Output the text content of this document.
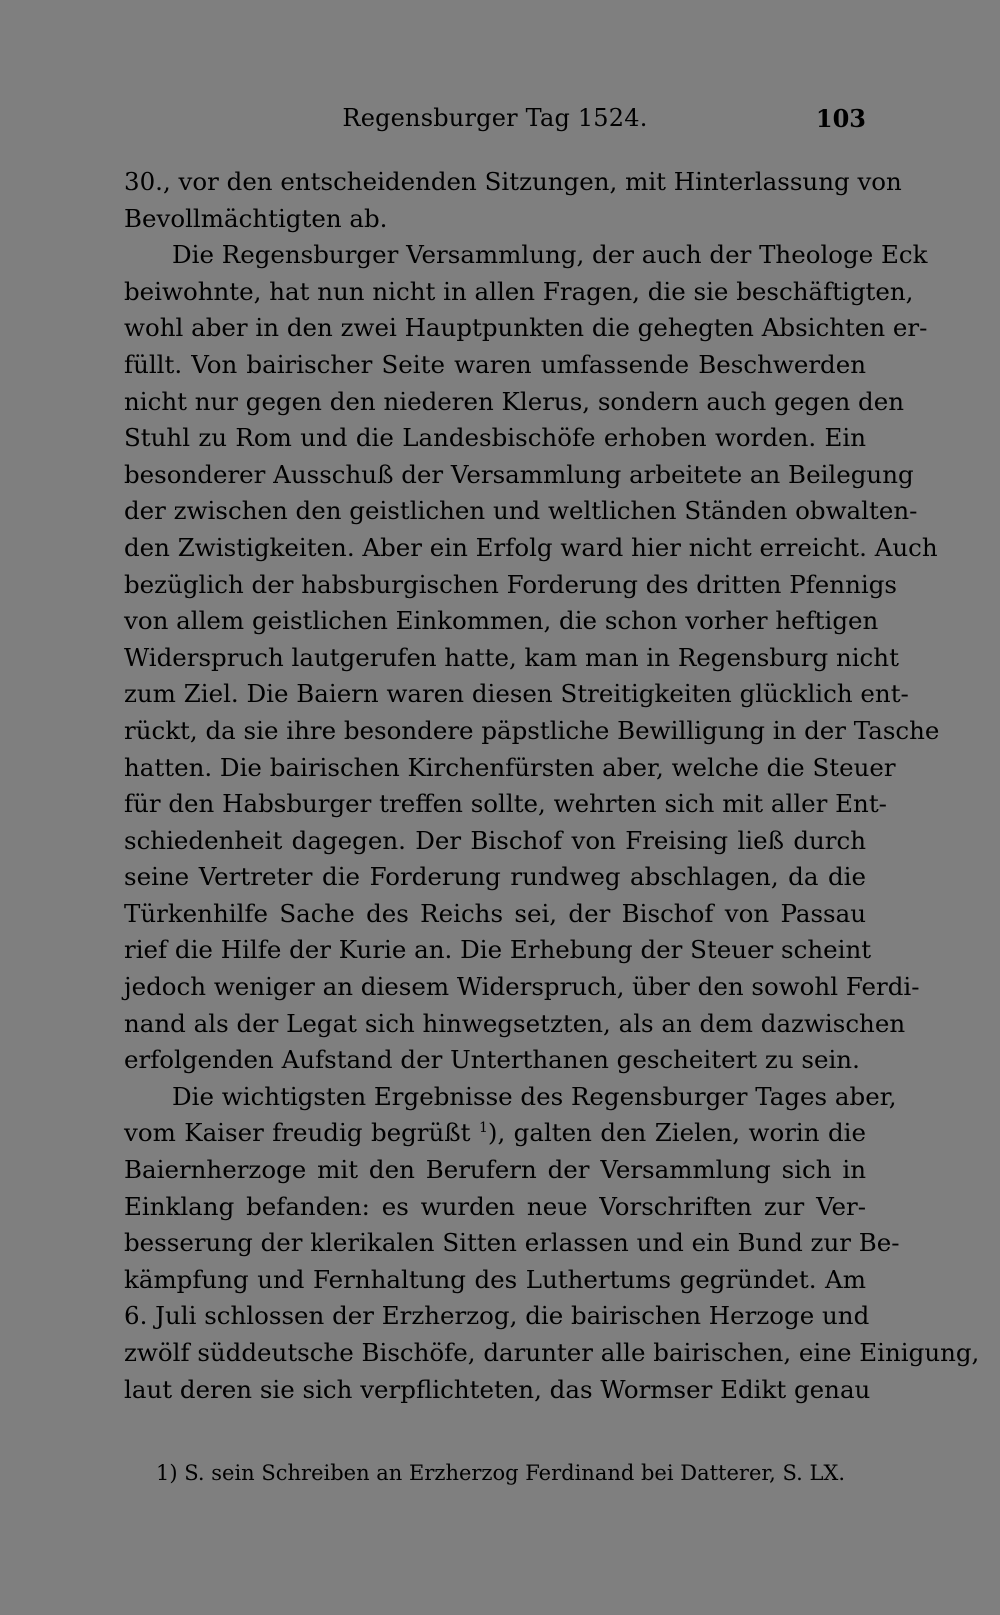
Regensburger Tag 1524.	103
30., vor den entscheidenden Sitzungen, mit Hinterlassung von
Bevollmächtigten ab.
Die Regensburger Versammlung, der auch der Theologe Eck
beiwohnte, hat nun nicht in allen Fragen, die sie beschäftigten,
wohl aber in den zwei Hauptpunkten die gehegten Absichten er-
füllt. Von bairischer Seite waren umfassende Beschwerden
nicht nur gegen den niederen Klerus, sondern auch gegen den
Stuhl zu Rom und die Landesbischöfe erhoben worden. Ein
besonderer Ausschuß der Versammlung arbeitete an Beilegung
der zwischen den geistlichen und weltlichen Ständen obwalten-
den Zwistigkeiten. Aber ein Erfolg ward hier nicht erreicht. Auch
bezüglich der habsburgischen Forderung des dritten Pfennigs
von allem geistlichen Einkommen, die schon vorher heftigen
Widerspruch lautgerufen hatte, kam man in Regensburg nicht
zum Ziel. Die Baiern waren diesen Streitigkeiten glücklich ent-
rückt, da sie ihre besondere päpstliche Bewilligung in der Tasche
hatten. Die bairischen Kirchenfürsten aber, welche die Steuer
für den Habsburger treffen sollte, wehrten sich mit aller Ent-
schiedenheit dagegen. Der Bischof von Freising ließ durch
seine Vertreter die Forderung rundweg abschlagen, da die
Türkenhilfe Sache des Reichs sei, der Bischof von Passau
rief die Hilfe der Kurie an. Die Erhebung der Steuer scheint
jedoch weniger an diesem Widerspruch, über den sowohl Ferdi-
nand als der Legat sich hinwegsetzten, als an dem dazwischen
erfolgenden Aufstand der Unterthanen gescheitert zu sein.
Die wichtigsten Ergebnisse des Regensburger Tages aber,
vom Kaiser freudig begrüßt $^1$), galten den Zielen, worin die
Baiernherzoge mit den Berufern der Versammlung sich in
Einklang befanden: es wurden neue Vorschriften zur Ver-
besserung der klerikalen Sitten erlassen und ein Bund zur Be-
kämpfung und Fernhaltung des Luthertums gegründet. Am
6. Juli schlossen der Erzherzog, die bairischen Herzoge und
zwölf süddeutsche Bischöfe, darunter alle bairischen, eine Einigung,
laut deren sie sich verpflichteten, das Wormser Edikt genau
1) S. sein Schreiben an Erzherzog Ferdinand bei Datterer, S. LX.
